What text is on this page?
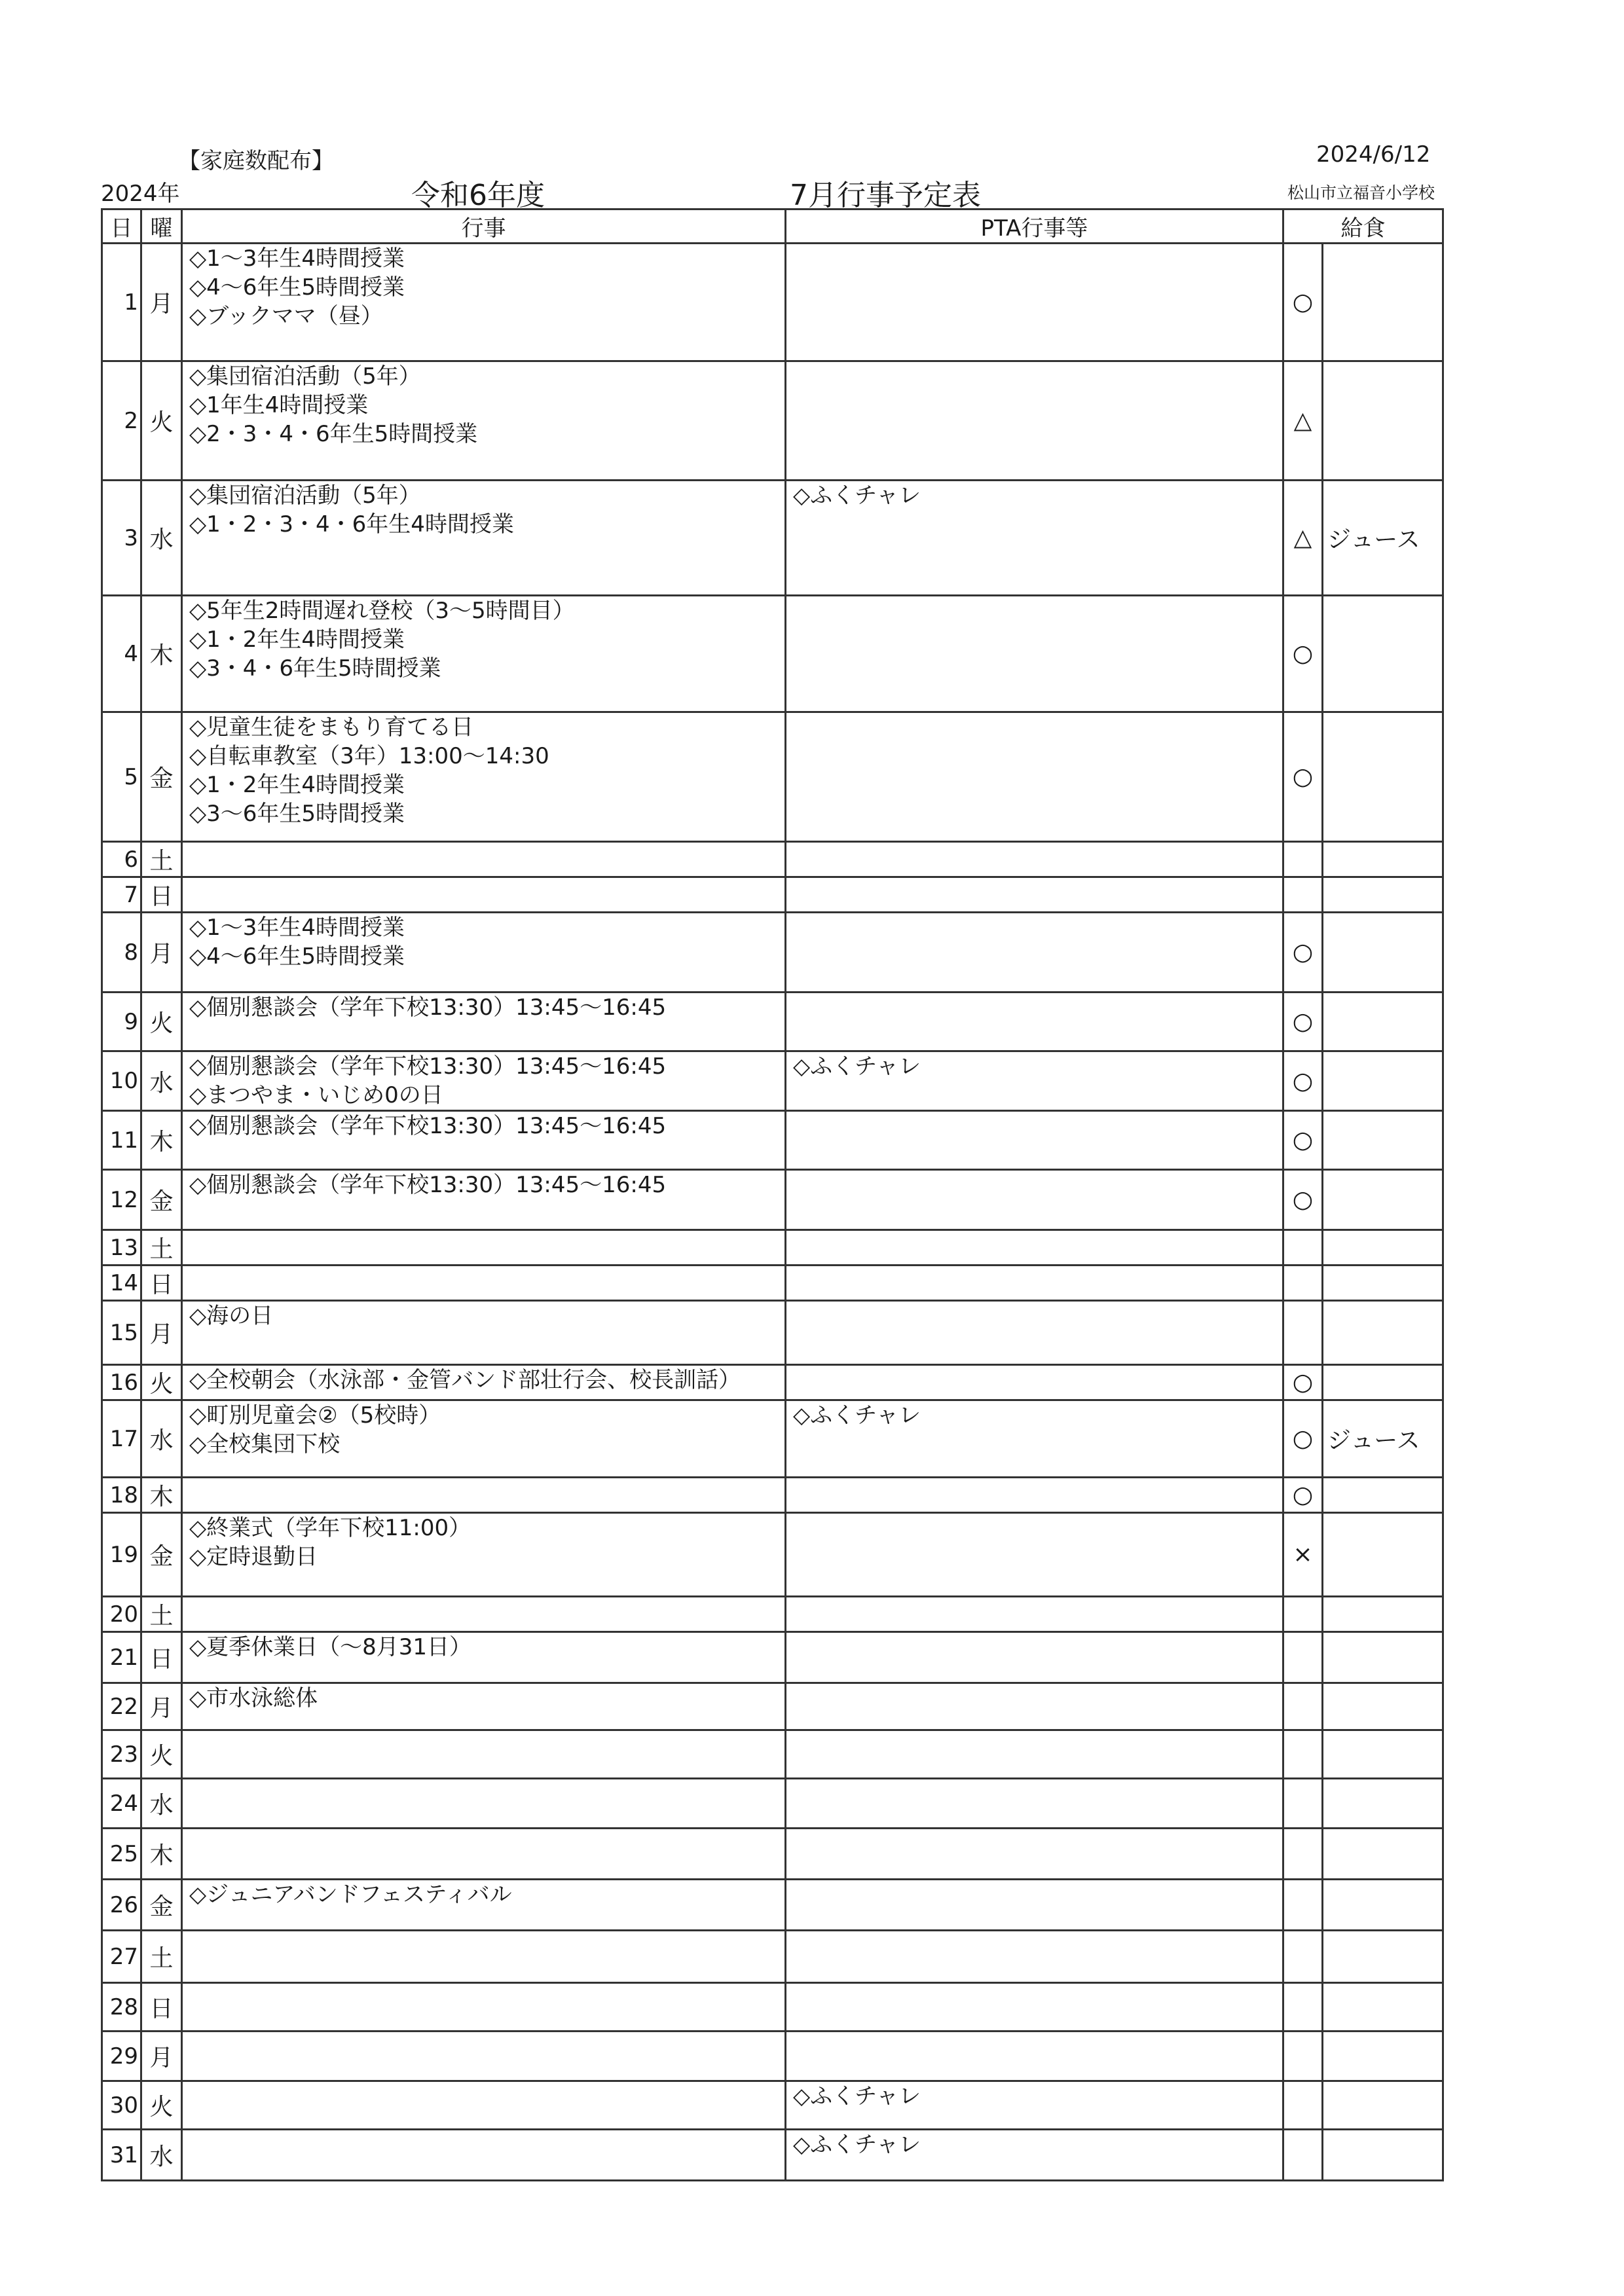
【家庭数配布】	2024/6/12
2024年	令和6年度	7月行事予定表	松山市立福音小学校
日	曜	行事	PTA行事等	給食	
1	月	◇1～3年生4時間授業
◇4～6年生5時間授業
◇ブックママ（昼）		○	
2	火	◇集団宿泊活動（5年）
◇1年生4時間授業
◇2・3・4・6年生5時間授業		△	
3	水	◇集団宿泊活動（5年）
◇1・2・3・4・6年生4時間授業	◇ふくチャレ	△	ジュース
4	木	◇5年生2時間遅れ登校（3～5時間目）
◇1・2年生4時間授業
◇3・4・6年生5時間授業		○	
5	金	◇児童生徒をまもり育てる日
◇自転車教室（3年）13:00～14:30
◇1・2年生4時間授業
◇3～6年生5時間授業		○	
6	土				
7	日				
8	月	◇1～3年生4時間授業
◇4～6年生5時間授業		○	
9	火	◇個別懇談会（学年下校13:30）13:45～16:45		○	
10	水	◇個別懇談会（学年下校13:30）13:45～16:45
◇まつやま・いじめ0の日	◇ふくチャレ	○	
11	木	◇個別懇談会（学年下校13:30）13:45～16:45		○	
12	金	◇個別懇談会（学年下校13:30）13:45～16:45		○	
13	土				
14	日				
15	月	◇海の日			

16	火	◇全校朝会（水泳部・金管バンド部壮行会、校長訓話）		○	
17	水	◇町別児童会②（5校時）
◇全校集団下校	◇ふくチャレ	○	ジュース
18	木			○	
19	金	◇終業式（学年下校11:00）
◇定時退勤日		×	
20	土				
21	日	◇夏季休業日（～8月31日）			

22	月	◇市水泳総体			

23	火				
24	水				
25	木				
26	金	◇ジュニアバンドフェスティバル			

27	土				
28	日				
29	月				
30	火		◇ふくチャレ		

31	水		◇ふくチャレ		
